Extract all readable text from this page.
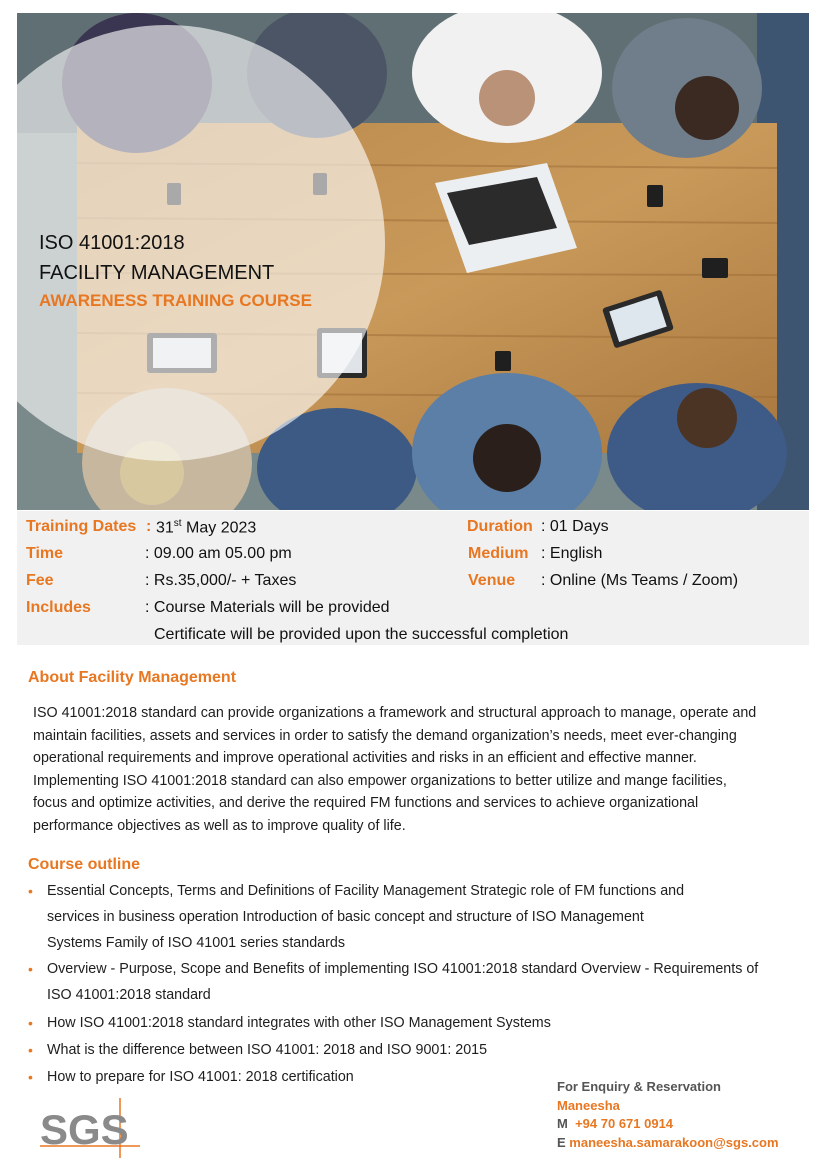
ISO 41001:2018
FACILITY MANAGEMENT
AWARENESS TRAINING COURSE
Training Dates : 31st May 2023
Time	: 09.00 am 05.00 pm
Fee	: Rs.35,000/- + Taxes
Includes	: Course Materials will be provided
Certificate will be provided upon the successful completion
Duration : 01 Days
Medium : English
Venue : Online (Ms Teams / Zoom)
About Facility Management
ISO 41001:2018 standard can provide organizations a framework and structural approach to manage, operate and
maintain facilities, assets and services in order to satisfy the demand organization’s needs, meet ever-changing
operational requirements and improve operational activities and risks in an efficient and effective manner.
Implementing ISO 41001:2018 standard can also empower organizations to better utilize and mange facilities,
focus and optimize activities, and derive the required FM functions and services to achieve organizational
performance objectives as well as to improve quality of life.
Course outline
• Essential Concepts, Terms and Definitions of Facility Management Strategic role of FM functions and
services in business operation Introduction of basic concept and structure of ISO Management
Systems Family of ISO 41001 series standards
• Overview - Purpose, Scope and Benefits of implementing ISO 41001:2018 standard Overview - Requirements of
ISO 41001:2018 standard
• How ISO 41001:2018 standard integrates with other ISO Management Systems
• What is the difference between ISO 41001: 2018 and ISO 9001: 2015
• How to prepare for ISO 41001: 2018 certification
SGS
For Enquiry & Reservation
Maneesha
M +94 70 671 0914
E maneesha.samarakoon@sgs.com
